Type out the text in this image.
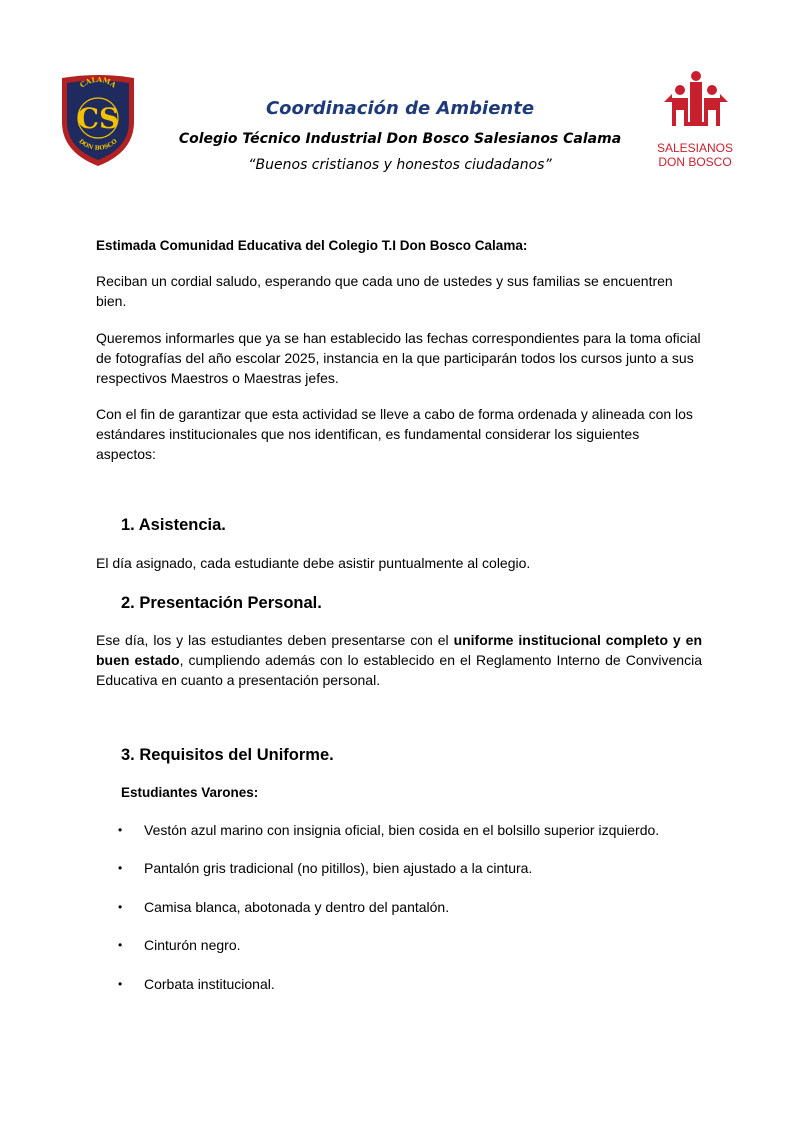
CALAMA
CS
DON BOSCO	SALESIANOS
DON BOSCO
Coordinación de Ambiente
Colegio Técnico Industrial Don Bosco Salesianos Calama
“Buenos cristianos y honestos ciudadanos”
Estimada Comunidad Educativa del Colegio T.I Don Bosco Calama:
Reciban un cordial saludo, esperando que cada uno de ustedes y sus familias se encuentren bien.
Queremos informarles que ya se han establecido las fechas correspondientes para la toma oficial de fotografías del año escolar 2025, instancia en la que participarán todos los cursos junto a sus respectivos Maestros o Maestras jefes.
Con el fin de garantizar que esta actividad se lleve a cabo de forma ordenada y alineada con los estándares institucionales que nos identifican, es fundamental considerar los siguientes aspectos:
1. Asistencia.
El día asignado, cada estudiante debe asistir puntualmente al colegio.
2. Presentación Personal.
Ese día, los y las estudiantes deben presentarse con el uniforme institucional completo y en buen estado, cumpliendo además con lo establecido en el Reglamento Interno de Convivencia Educativa en cuanto a presentación personal.
3. Requisitos del Uniforme.
Estudiantes Varones:
•	Vestón azul marino con insignia oficial, bien cosida en el bolsillo superior izquierdo.
•	Pantalón gris tradicional (no pitillos), bien ajustado a la cintura.
•	Camisa blanca, abotonada y dentro del pantalón.
•	Cinturón negro.
•	Corbata institucional.
